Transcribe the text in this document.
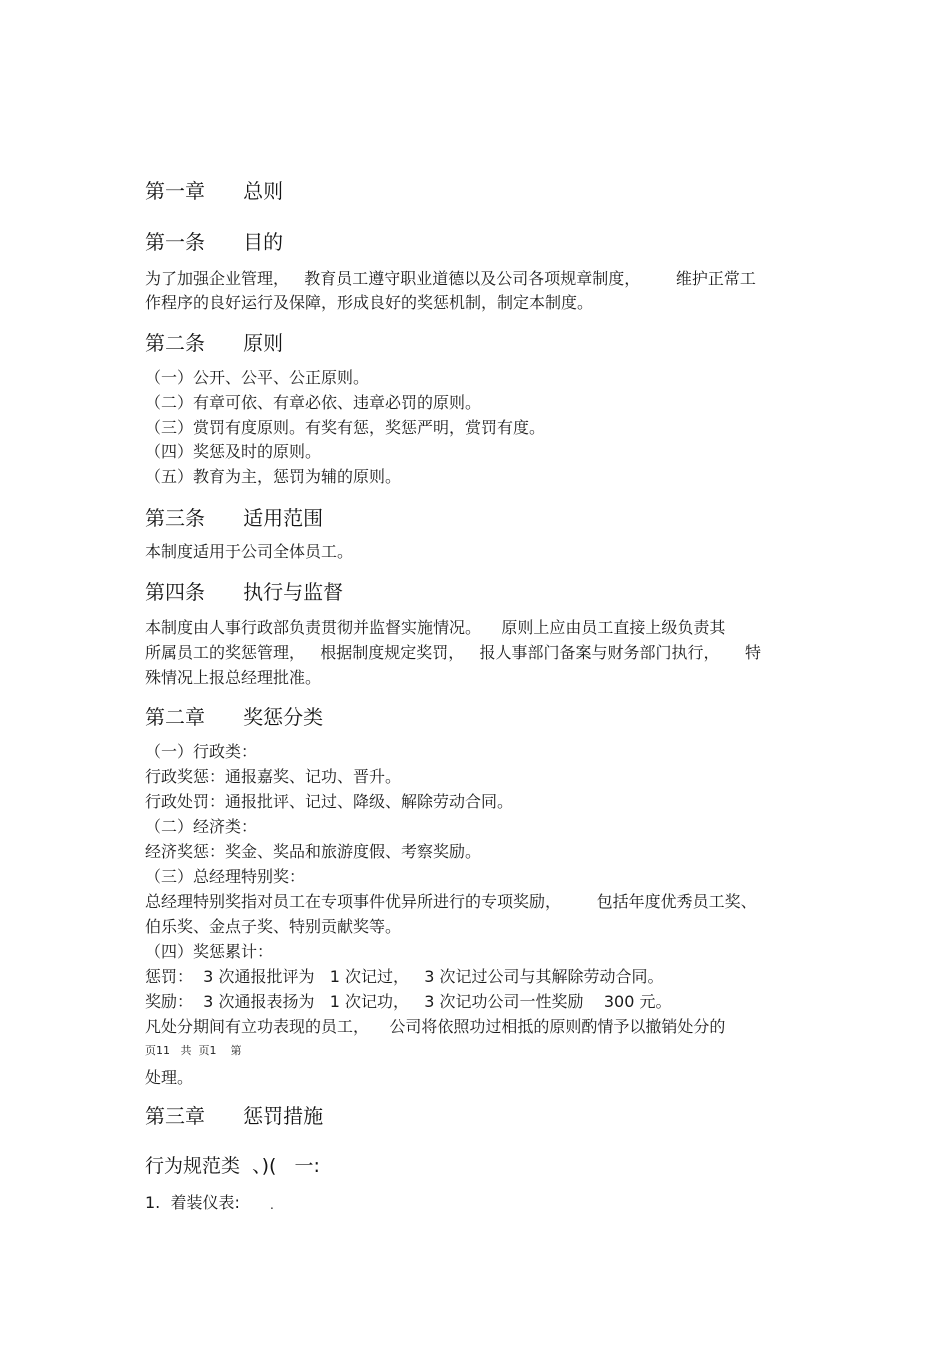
第一章      总则

第一条      目的

为了加强企业管理，   教育员工遵守职业道德以及公司各项规章制度，       维护正常工

作程序的良好运行及保障，形成良好的奖惩机制，制定本制度。

第二条      原则

（一）公开、公平、公正原则。

（二）有章可依、有章必依、违章必罚的原则。

（三）赏罚有度原则。有奖有惩，奖惩严明，赏罚有度。

（四）奖惩及时的原则。

（五）教育为主，惩罚为辅的原则。

第三条      适用范围

本制度适用于公司全体员工。

第四条      执行与监督

本制度由人事行政部负责贯彻并监督实施情况。    原则上应由员工直接上级负责其

所属员工的奖惩管理，   根据制度规定奖罚，   报人事部门备案与财务部门执行，     特

殊情况上报总经理批准。

第二章      奖惩分类

（一）行政类：

行政奖惩：通报嘉奖、记功、晋升。

行政处罚：通报批评、记过、降级、解除劳动合同。

（二）经济类：

经济奖惩：奖金、奖品和旅游度假、考察奖励。

（三）总经理特别奖：

总经理特别奖指对员工在专项事件优异所进行的专项奖励，       包括年度优秀员工奖、

伯乐奖、金点子奖、特别贡献奖等。

（四）奖惩累计：

惩罚：  3 次通报批评为   1 次记过，   3 次记过公司与其解除劳动合同。

奖励：  3 次通报表扬为   1 次记功，   3 次记功公司一性奖励    300 元。

凡处分期间有立功表现的员工，    公司将依照功过相抵的原则酌情予以撤销处分的

页11   共  页1    第

处理。

第三章      惩罚措施

行为规范类  、)(   一:

1.  着装仪表:	.
